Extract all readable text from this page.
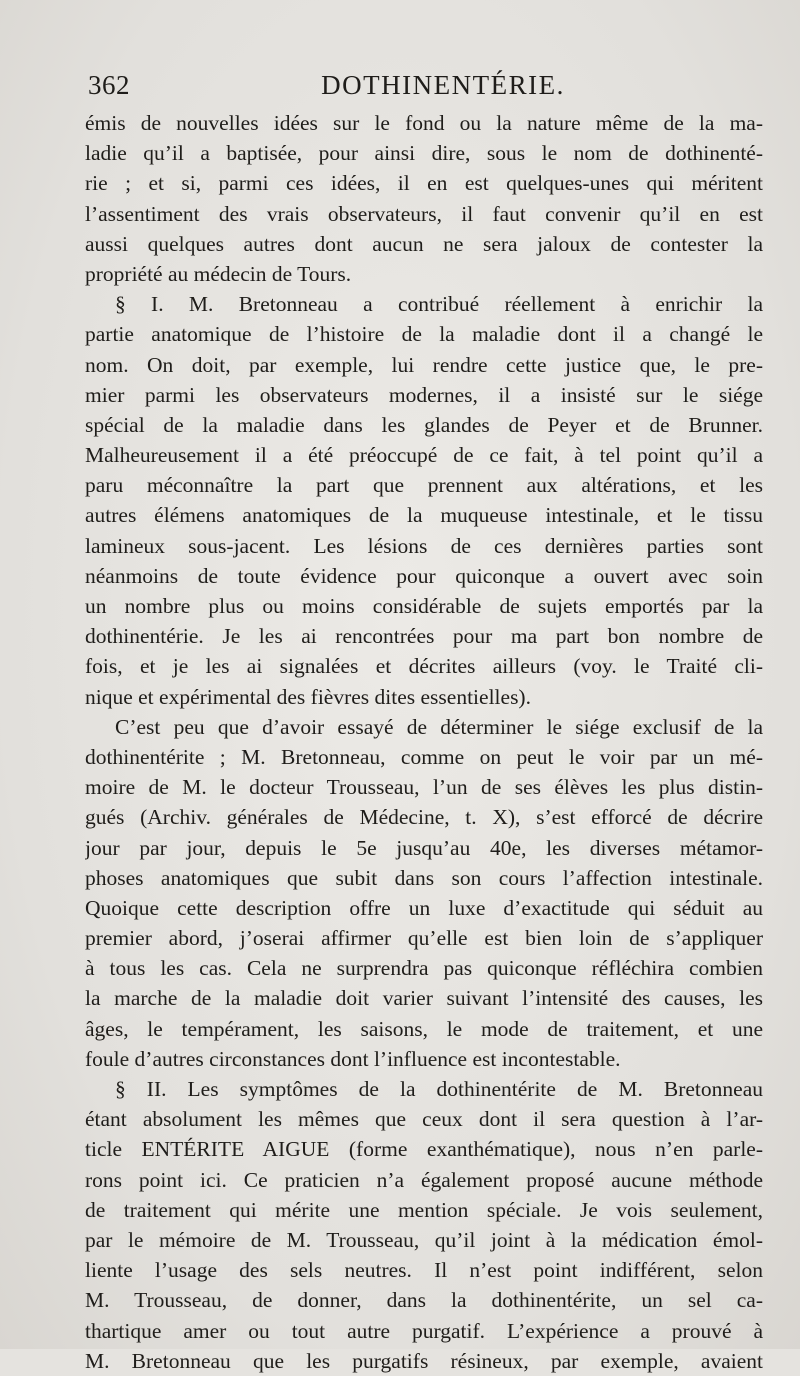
362	DOTHINENTÉRIE.
émis de nouvelles idées sur le fond ou la nature même de la ma-
ladie qu’il a baptisée, pour ainsi dire, sous le nom de dothinenté-
rie ; et si, parmi ces idées, il en est quelques-unes qui méritent
l’assentiment des vrais observateurs, il faut convenir qu’il en est
aussi quelques autres dont aucun ne sera jaloux de contester la
propriété au médecin de Tours.
§ I. M. Bretonneau a contribué réellement à enrichir la
partie anatomique de l’histoire de la maladie dont il a changé le
nom. On doit, par exemple, lui rendre cette justice que, le pre-
mier parmi les observateurs modernes, il a insisté sur le siége
spécial de la maladie dans les glandes de Peyer et de Brunner.
Malheureusement il a été préoccupé de ce fait, à tel point qu’il a
paru méconnaître la part que prennent aux altérations, et les
autres élémens anatomiques de la muqueuse intestinale, et le tissu
lamineux sous-jacent. Les lésions de ces dernières parties sont
néanmoins de toute évidence pour quiconque a ouvert avec soin
un nombre plus ou moins considérable de sujets emportés par la
dothinentérie. Je les ai rencontrées pour ma part bon nombre de
fois, et je les ai signalées et décrites ailleurs (voy. le Traité cli-
nique et expérimental des fièvres dites essentielles).
C’est peu que d’avoir essayé de déterminer le siége exclusif de la
dothinentérite ; M. Bretonneau, comme on peut le voir par un mé-
moire de M. le docteur Trousseau, l’un de ses élèves les plus distin-
gués (Archiv. générales de Médecine, t. X), s’est efforcé de décrire
jour par jour, depuis le 5e jusqu’au 40e, les diverses métamor-
phoses anatomiques que subit dans son cours l’affection intestinale.
Quoique cette description offre un luxe d’exactitude qui séduit au
premier abord, j’oserai affirmer qu’elle est bien loin de s’appliquer
à tous les cas. Cela ne surprendra pas quiconque réfléchira combien
la marche de la maladie doit varier suivant l’intensité des causes, les
âges, le tempérament, les saisons, le mode de traitement, et une
foule d’autres circonstances dont l’influence est incontestable.
§ II. Les symptômes de la dothinentérite de M. Bretonneau
étant absolument les mêmes que ceux dont il sera question à l’ar-
ticle ENTÉRITE AIGUE (forme exanthématique), nous n’en parle-
rons point ici. Ce praticien n’a également proposé aucune méthode
de traitement qui mérite une mention spéciale. Je vois seulement,
par le mémoire de M. Trousseau, qu’il joint à la médication émol-
liente l’usage des sels neutres. Il n’est point indifférent, selon
M. Trousseau, de donner, dans la dothinentérite, un sel ca-
thartique amer ou tout autre purgatif. L’expérience a prouvé à
M. Bretonneau que les purgatifs résineux, par exemple, avaient
